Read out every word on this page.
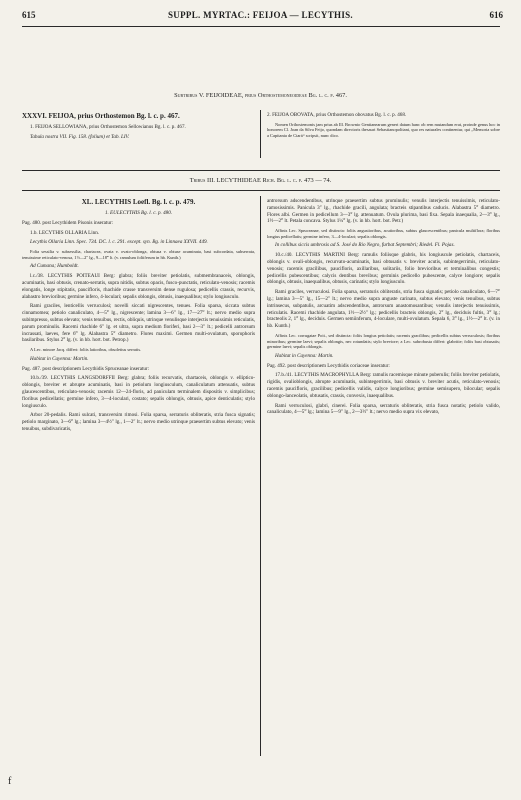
615	SUPPL. MYRTAC.: FEIJOA — LECYTHIS.	616
Subtribus V. FEIJOIDEAE, prius Orthostemoneoideae Bg. l. c. p. 467.

XXXVI. FEIJOA, prius Orthostemon Bg. l. c. p. 467.

1. FEIJOA SELLOWIANA, prius Orthostemon Sellowianus Bg. l. c. p. 467.

Tabula nostra VII. Fig. 158. (folium) et Tab. LIV.

2. FEIJOA OBOVATA, prius Orthostemon obovatus Bg. l. c. p. 468.

Nomen Orthostemonis jam prius ab Ill. Brownio Gentianearum generi datum hanc ob rem mutandum erat, proinde genus hoc in honorem Cl. Joan da Silva Feijo, quondam directoris thesauri Sebastianopolitani, quo res naturales continentur, qui „Memoria sobre a Capitania de Ciará“ scripsit, nunc dico.

Tribus III. LECYTHIDEAE Rich. Bg. l. c. p. 473 — 74.

XL. LECYTHIS Loefl. Bg. l. c. p. 479.

1. EULECYTHIS Bg. l. c. p. 480.

Pag. 480. post Lecythidem Pisonis inseratur:

1.b. LECYTHIS OLLARIA Linn.

Lecythis Ollaria Linn. Spec. 734. DC. l. c. 291. except. syn. Bg. in Linnaea XXVII. 449.

Folia sessilia v. subsessilia, chartacea, ovata v. ovato-oblonga, obtusa v. obtuse acuminata, basi subcordata, subserrata, tenuissime reticulato-venosa, 1½—2″ lg., 9—18‴ lt. (v. ramulum foliiferum in hb. Kunth.)

Ad Cumana; Humboldt.

l.c./38. LECYTHIS POITEAUI Berg: glabra; foliis breviter petiolatis, submembranaceis, oblongis, acuminatis, basi obtusis, crenato-serratis, supra nitidis, subtus opacis, fusco-punctatis, reticulato-venosis; racemis elongatis, longe stipitatis, paucifloris, rhachide crasse transversim dense rugulosa; pedicellis crassis, recurvis, alabastro brevioribus; germine infero, 4-loculari; sepalis oblongis, obtusis, inaequalibus; stylo longiusculo.

Rami graciles, lenticellis verruculosi; novelli siccati nigrescentes, tenues. Folia sparsa, siccata subtus cinnamomea; petiolo canaliculato, 4—5‴ lg., nigrescente; lamina 3—6″ lg., 17—27‴ lt.; nervo medio supra subimpresso, subtus elevato; venis tenuibus, rectis, obliquis, utrinque venulisque interjectis tenuissimis reticulatis, parum prominulis. Racemi rhachide 6″ lg. et ultra, supra medium floriferi, basi 2—3″ lt.; pedicelli antrorsum incrassati, laeves, fere 6‴ lg. Alabastra 5‴ diametro. Flores maximi. Germen multi-ovulatum, sporophoris basilaribus. Stylus 2‴ lg. (v. in hb. hort. bot. Petrop.)

A Lec. minore Jacq. differt: foliis latioribus, obsoletius serratis.

Habitat in Cayenna: Martin.

Pag. 487. post descriptionem Lecythidis Spruceanae inseratur:

10.b./39. LECYTHIS LANGSDORFFII Berg: glabra; foliis recurvatis, chartaceis, oblongis v. elliptico-oblongis, breviter et abrupte acuminatis, basi in petiolum longiusculum, canaliculatum attenuatis, subtus glaucescentibus, reticulato-venosis; racemis 12—24-floris, ad paniculam terminalem dispositis v. simplicibus; floribus pedicellatis; germine infero, 3—4-loculari, costato; sepalis oblongis, obtusis, apice denticulatis; stylo longiusculo.

Arbor 20-pedalis. Rami sulcati, transversim rimosi. Folia sparsa, serraturis obliteratis, stria fusca signatis; petiolo marginato, 3—6‴ lg.; lamina 3—4½″ lg., 1—2″ lt.; nervo medio utrinque praesertim subtus elevato; venis tenuibus, subdivaricatis,

antrorsum adscendentibus, utrinque praesertim subtus prominulis; venulis interjectis tenuissimis, reticulato-ramosissimis. Panicula 3″ lg., rhachide gracili, angulata; bracteis stipantibus caducis. Alabastra 5‴ diametro. Flores albi. Germen in pedicellum 3—3‴ lg. attenuatum. Ovula plurima, basi fixa. Sepala inaequalia, 2—3‴ lg., 1½—2‴ lt. Petala concava. Stylus 1¼‴ lg. (v. in hb. hort. bot. Petr.)

Affinis Lec. Spruceanae, sed distincta: foliis angustioribus, acutioribus, subtus glaucescentibus; panicula multiflora; floribus longius pedicellatis; germine infero, 3—4-loculari; sepalis oblongis.

In collibus siccis umbrosis ad S. José do Rio Negro, furbat Septembri; Riedel. Fl. Pojas.

10.c./40. LECYTHIS MARTINI Berg: ramulis foliisque glabris, his longiuscule petiolatis, chartaceis, oblongis v. ovali-oblongis, recurvato-acuminatis, basi obtusatis v. breviter acutis, subintegerrimis, reticulato-venosis; racemis gracilibus, paucifloris, axillaribus, solitariis, folio brevioribus et terminalibus congestis; pedicellis pubescentibus; calycis dentibus brevibus; germinis pedicello pubescente, calyce longiore; sepalis oblongis, obtusis, inaequalibus, obtusis, carinatis; stylo longiusculo.

Rami graciles, verruculosi. Folia sparsa, serraturis obliteratis, stria fusca signatis; petiolo canaliculato, 6—7‴ lg.; lamina 3—5″ lg., 15—2″ lt.; nervo medio supra anguste carinato, subtus elevato; venis tenuibus, subtus intrinsecus, subpatulis, arcuatim adscendentibus, antrorsum anastomosantibus; venulis interjectis tenuissimis, reticulatis. Racemi rhachide angulata, 1½—2½″ lg.; pedicellis bracteis oblongis, 2‴ lg., deciduis fultis, 3‴ lg.; bracteolis 2, 1‴ lg., deciduis. Germen semiinferum, 4-loculare, multi-ovulatum. Sepala 6, 3‴ lg., 1½—2‴ lt. (v. in hb. Kunth.)

Affinis Lec. corrugatae Poit., sed distincta: foliis longius petiolatis; racemis gracilibus; pedicellis subtus verruculosis; floribus minoribus; germine laevi; sepalis oblongis, nec rotundatis; stylo breviore; a Lec. subrobusta differt: glabritie; foliis basi obtusatis; germine laevi; sepalis oblongis.

Habitat in Cayenna: Martin.

Pag. 492. post descriptionem Lecythidis coriaceae inseratur:

17.b./41. LECYTHIS MACROPHYLLA Berg: ramulis racemisque minute puberulis; foliis breviter petiolatis, rigidis, ovalioblongis, abrupte acuminatis, subintegerrimis, basi obtusis v. breviter acutis, reticulato-venosis; racemis paucifloris, gracilibus; pedicellis validis, calyce longioribus; germine semisupero, bilocular; sepalis oblongo-lanceolatis, obtusatis, crassis, convexis, inaequalibus.

Rami verruculosi, glabri, cinerei. Folia sparsa, serraturis obliteratis, stria fusca notatis; petiolo valido, canaliculato, 4—5‴ lg.; lamina 5—9″ lg., 2—3½″ lt.; nervo medio supra vix elevato,

f
